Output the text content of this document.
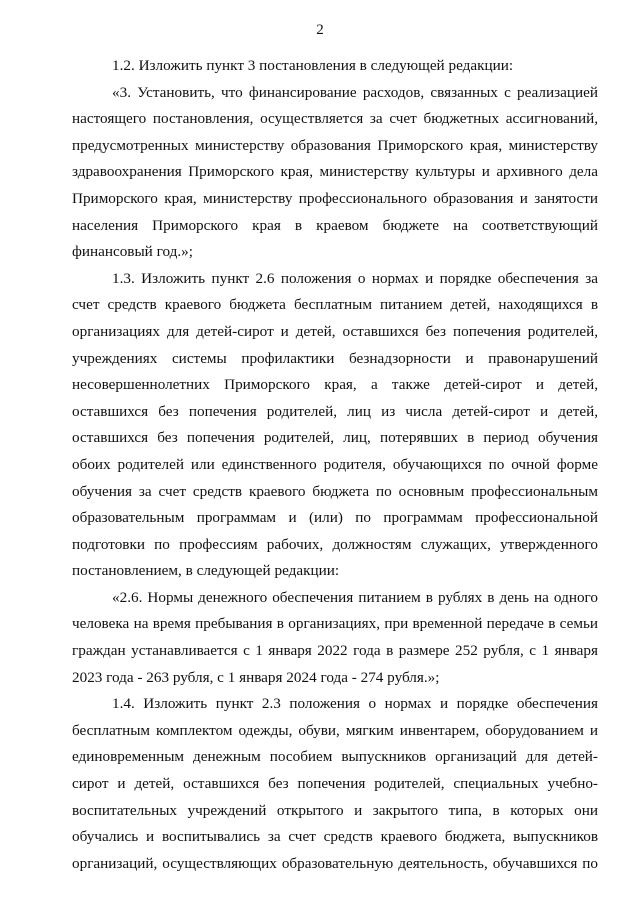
2
1.2. Изложить пункт 3 постановления в следующей редакции:
«3. Установить, что финансирование расходов, связанных с реализацией
настоящего постановления, осуществляется за счет бюджетных ассигнований,
предусмотренных министерству образования Приморского края, министерству
здравоохранения Приморского края, министерству культуры и архивного дела
Приморского края, министерству профессионального образования и занятости
населения Приморского края в краевом бюджете на соответствующий
финансовый год.»;
1.3. Изложить пункт 2.6 положения о нормах и порядке обеспечения за
счет средств краевого бюджета бесплатным питанием детей, находящихся в
организациях для детей-сирот и детей, оставшихся без попечения родителей,
учреждениях системы профилактики безнадзорности и правонарушений
несовершеннолетних Приморского края, а также детей-сирот и детей,
оставшихся без попечения родителей, лиц из числа детей-сирот и детей,
оставшихся без попечения родителей, лиц, потерявших в период обучения
обоих родителей или единственного родителя, обучающихся по очной форме
обучения за счет средств краевого бюджета по основным профессиональным
образовательным программам и (или) по программам профессиональной
подготовки по профессиям рабочих, должностям служащих, утвержденного
постановлением, в следующей редакции:
«2.6. Нормы денежного обеспечения питанием в рублях в день на одного
человека на время пребывания в организациях, при временной передаче в семьи
граждан устанавливается с 1 января 2022 года в размере 252 рубля, с 1 января
2023 года - 263 рубля, с 1 января 2024 года - 274 рубля.»;
1.4. Изложить пункт 2.3 положения о нормах и порядке обеспечения
бесплатным комплектом одежды, обуви, мягким инвентарем, оборудованием и
единовременным денежным пособием выпускников организаций для детей-
сирот и детей, оставшихся без попечения родителей, специальных учебно-
воспитательных учреждений открытого и закрытого типа, в которых они
обучались и воспитывались за счет средств краевого бюджета, выпускников
организаций, осуществляющих образовательную деятельность, обучавшихся по
